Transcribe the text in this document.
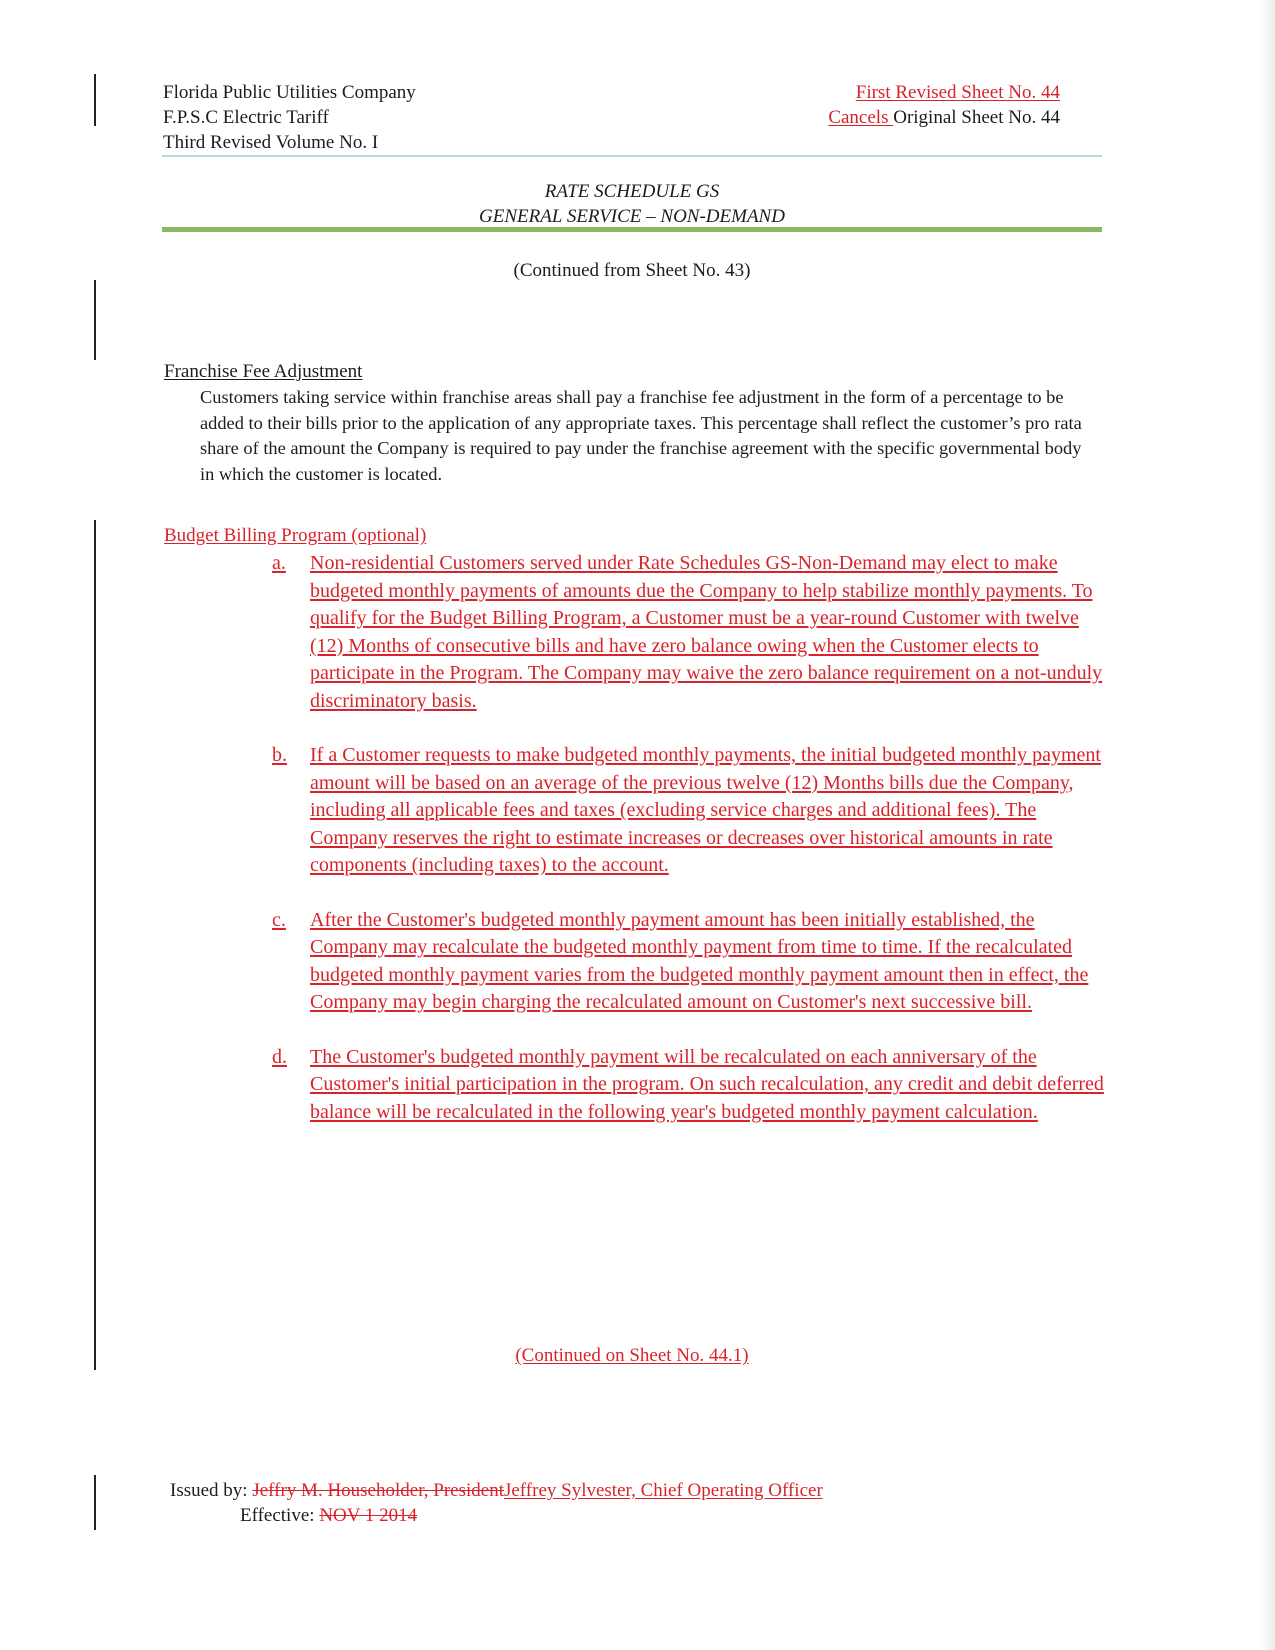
Florida Public Utilities Company
F.P.S.C Electric Tariff
Third Revised Volume No. I
First Revised Sheet No. 44
Cancels Original Sheet No. 44
RATE SCHEDULE GS
GENERAL SERVICE – NON-DEMAND
(Continued from Sheet No. 43)
Franchise Fee Adjustment
Customers taking service within franchise areas shall pay a franchise fee adjustment in the form of a percentage to be added to their bills prior to the application of any appropriate taxes. This percentage shall reflect the customer’s pro rata share of the amount the Company is required to pay under the franchise agreement with the specific governmental body in which the customer is located.
Budget Billing Program (optional)
a. Non-residential Customers served under Rate Schedules GS-Non-Demand may elect to make budgeted monthly payments of amounts due the Company to help stabilize monthly payments. To qualify for the Budget Billing Program, a Customer must be a year-round Customer with twelve (12) Months of consecutive bills and have zero balance owing when the Customer elects to participate in the Program. The Company may waive the zero balance requirement on a not-unduly discriminatory basis.
b. If a Customer requests to make budgeted monthly payments, the initial budgeted monthly payment amount will be based on an average of the previous twelve (12) Months bills due the Company, including all applicable fees and taxes (excluding service charges and additional fees). The Company reserves the right to estimate increases or decreases over historical amounts in rate components (including taxes) to the account.
c. After the Customer's budgeted monthly payment amount has been initially established, the Company may recalculate the budgeted monthly payment from time to time. If the recalculated budgeted monthly payment varies from the budgeted monthly payment amount then in effect, the Company may begin charging the recalculated amount on Customer's next successive bill.
d. The Customer's budgeted monthly payment will be recalculated on each anniversary of the Customer's initial participation in the program. On such recalculation, any credit and debit deferred balance will be recalculated in the following year's budgeted monthly payment calculation.
(Continued on Sheet No. 44.1)
Issued by: Jeffry M. Householder, PresidentJeffrey Sylvester, Chief Operating Officer
Effective: NOV 1 2014
